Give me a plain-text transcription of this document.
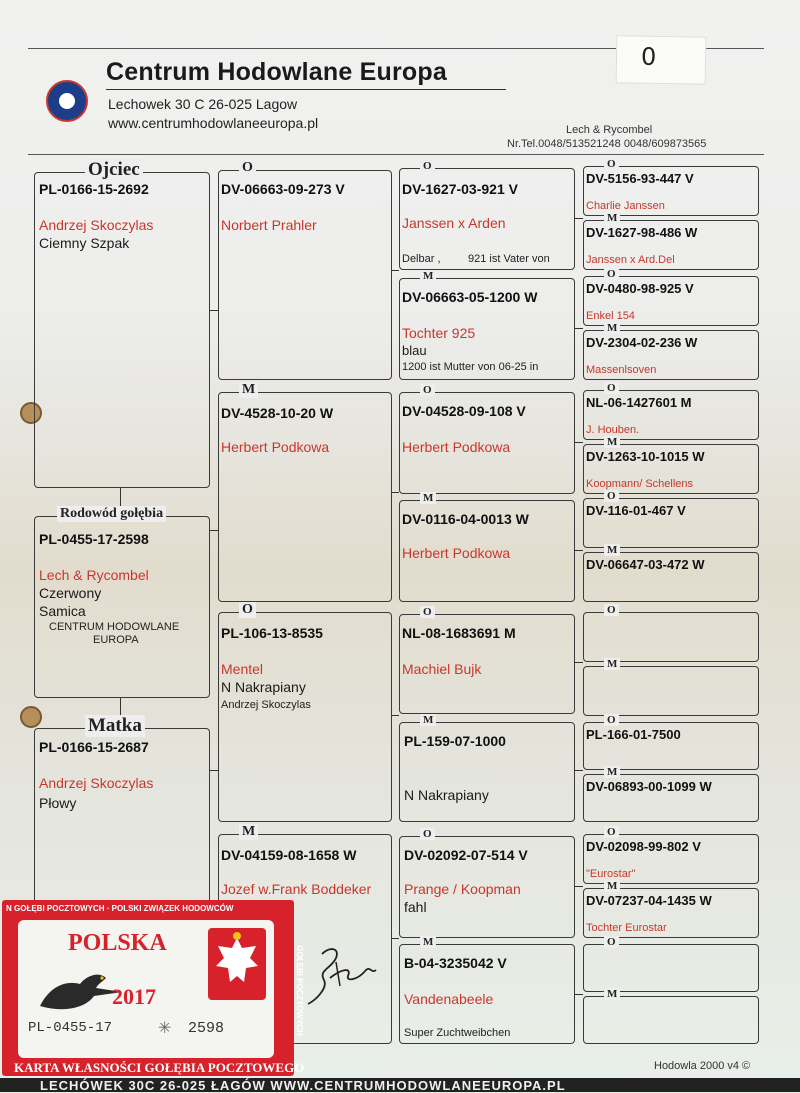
0
Centrum Hodowlane Europa
Lechowek 30 C 26-025 Lagow
www.centrumhodowlaneeuropa.pl	Lech & Rycombel
Nr.Tel.0048/513521248 0048/609873565
Ojciec
PL-0166-15-2692
Andrzej Skoczylas
Ciemny Szpak
Rodowód gołębia
PL-0455-17-2598
Lech & Rycombel
Czerwony
Samica
CENTRUM HODOWLANE
EUROPA
Matka
PL-0166-15-2687
Andrzej Skoczylas
Płowy
O
DV-06663-09-273 V
Norbert Prahler
M
DV-4528-10-20 W
Herbert Podkowa
O
PL-106-13-8535
Mentel
N Nakrapiany
Andrzej Skoczylas
M
DV-04159-08-1658 W
Jozef w.Frank Boddeker
O
DV-1627-03-921 V
Janssen x Arden
Delbar , 921 ist Vater von
M
DV-06663-05-1200 W
Tochter 925
blau
1200 ist Mutter von 06-25 in
O
DV-04528-09-108 V
Herbert Podkowa
M
DV-0116-04-0013 W
Herbert Podkowa
O
NL-08-1683691 M
Machiel Bujk
M
PL-159-07-1000
N Nakrapiany
O
DV-02092-07-514 V
Prange / Koopman
fahl
M
B-04-3235042 V
Vandenabeele
Super Zuchtweibchen
O
DV-5156-93-447 V
Charlie Janssen
M
DV-1627-98-486 W
Janssen x Ard.Del
O
DV-0480-98-925 V
Enkel 154
M
DV-2304-02-236 W
Massenlsoven
O
NL-06-1427601 M
J. Houben.
M
DV-1263-10-1015 W
Koopmann/ Schellens
O
DV-116-01-467 V
M
DV-06647-03-472 W
O
M
O
PL-166-01-7500
M
DV-06893-00-1099 W
O
DV-02098-99-802 V
"Eurostar"
M
DV-07237-04-1435 W
Tochter Eurostar
O
M
N GOŁĘBI POCZTOWYCH · POLSKI ZWIĄZEK HODOWCÓW
GOŁĘBI POCZTOWYCH
POLSKA
2017
PL-0455-17	✳ 2598
KARTA WŁASNOŚCI GOŁĘBIA POCZTOWEGO	Hodowla 2000 v4 ©
LECHÓWEK 30C 26-025 ŁAGÓW WWW.CENTRUMHODOWLANEEUROPA.PL
